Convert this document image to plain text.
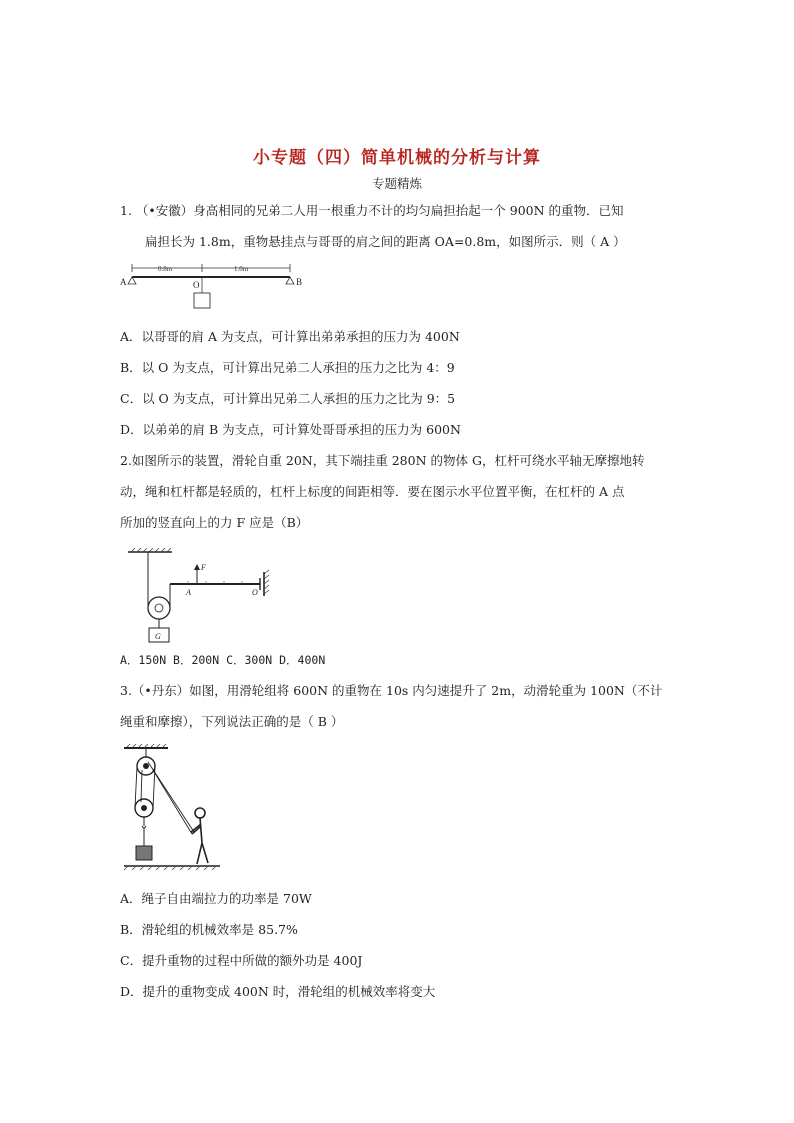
小专题（四）简单机械的分析与计算
专题精炼
1. （•安徽）身高相同的兄弟二人用一根重力不计的均匀扁担抬起一个 900N 的重物．已知
扁担长为 1.8m，重物悬挂点与哥哥的肩之间的距离 OA=0.8m，如图所示．则（ A ）
0.8m	1.0m
A	B
O
A．以哥哥的肩 A 为支点，可计算出弟弟承担的压力为 400N
B．以 O 为支点，可计算出兄弟二人承担的压力之比为 4：9
C．以 O 为支点，可计算出兄弟二人承担的压力之比为 9：5
D．以弟弟的肩 B 为支点，可计算处哥哥承担的压力为 600N
2.如图所示的装置，滑轮自重 20N，其下端挂重 280N 的物体 G，杠杆可绕水平轴无摩擦地转
动，绳和杠杆都是轻质的，杠杆上标度的间距相等．要在图示水平位置平衡，在杠杆的 A 点
所加的竖直向上的力 F 应是（B）
G
F
A	O
A．150N B．200N C．300N D．400N
3.（•丹东）如图，用滑轮组将 600N 的重物在 10s 内匀速提升了 2m，动滑轮重为 100N（不计
绳重和摩擦），下列说法正确的是（ B ）
A．绳子自由端拉力的功率是 70W
B．滑轮组的机械效率是 85.7%
C．提升重物的过程中所做的额外功是 400J
D．提升的重物变成 400N 时，滑轮组的机械效率将变大
